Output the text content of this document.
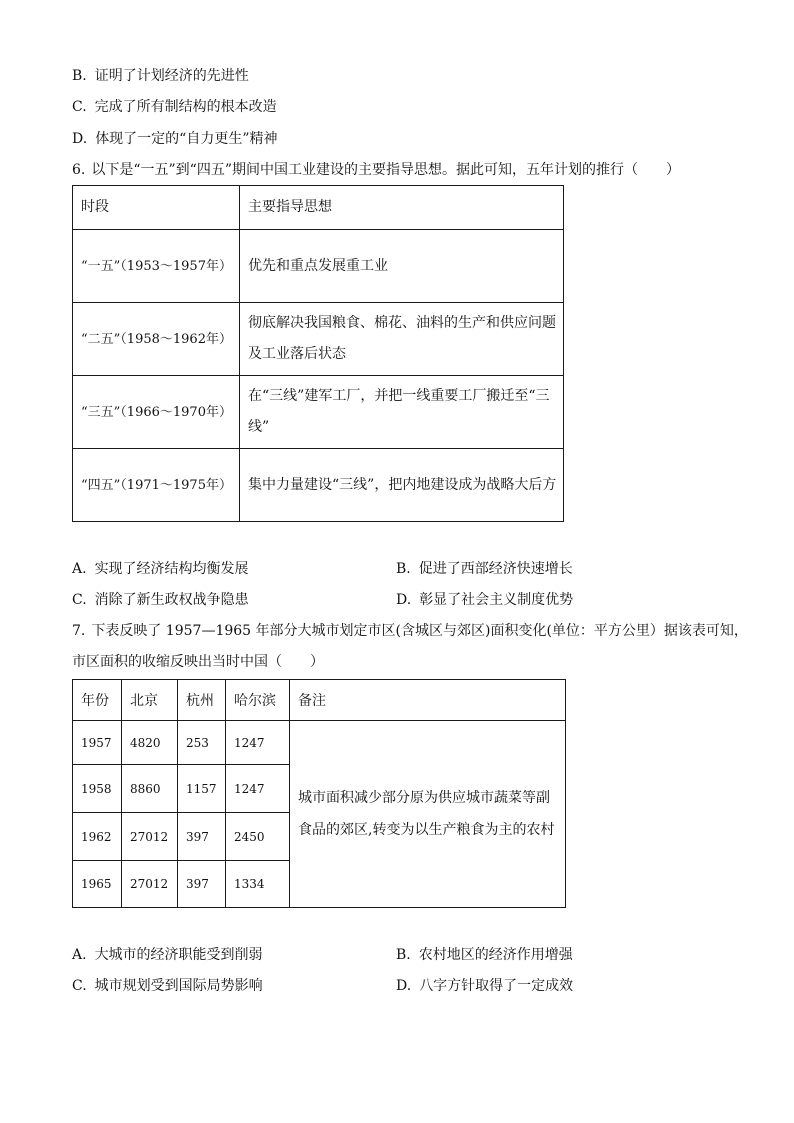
B. 证明了计划经济的先进性
C. 完成了所有制结构的根本改造
D. 体现了一定的“自力更生”精神
6. 以下是“一五”到“四五”期间中国工业建设的主要指导思想。据此可知，五年计划的推行（　　）
时段	主要指导思想
“一五”（1953～1957年）	优先和重点发展重工业
“二五”（1958～1962年）	彻底解决我国粮食、棉花、油料的生产和供应问题及工业落后状态
“三五”（1966～1970年）	在“三线”建军工厂，并把一线重要工厂搬迁至“三线”
“四五”（1971～1975年）	集中力量建设“三线”，把内地建设成为战略大后方
A. 实现了经济结构均衡发展	B. 促进了西部经济快速增长
C. 消除了新生政权战争隐患	D. 彰显了社会主义制度优势
7. 下表反映了 1957—1965 年部分大城市划定市区(含城区与郊区)面积变化(单位：平方公里）据该表可知，
市区面积的收缩反映出当时中国（　　）
年份	北京	杭州	哈尔滨	备注
1957	4820	253	1247	城市面积减少部分原为供应城市蔬菜等副食品的郊区,转变为以生产粮食为主的农村
1958	8860	1157	1247	
1962	27012	397	2450	
1965	27012	397	1334	
A. 大城市的经济职能受到削弱	B. 农村地区的经济作用增强
C. 城市规划受到国际局势影响	D. 八字方针取得了一定成效
